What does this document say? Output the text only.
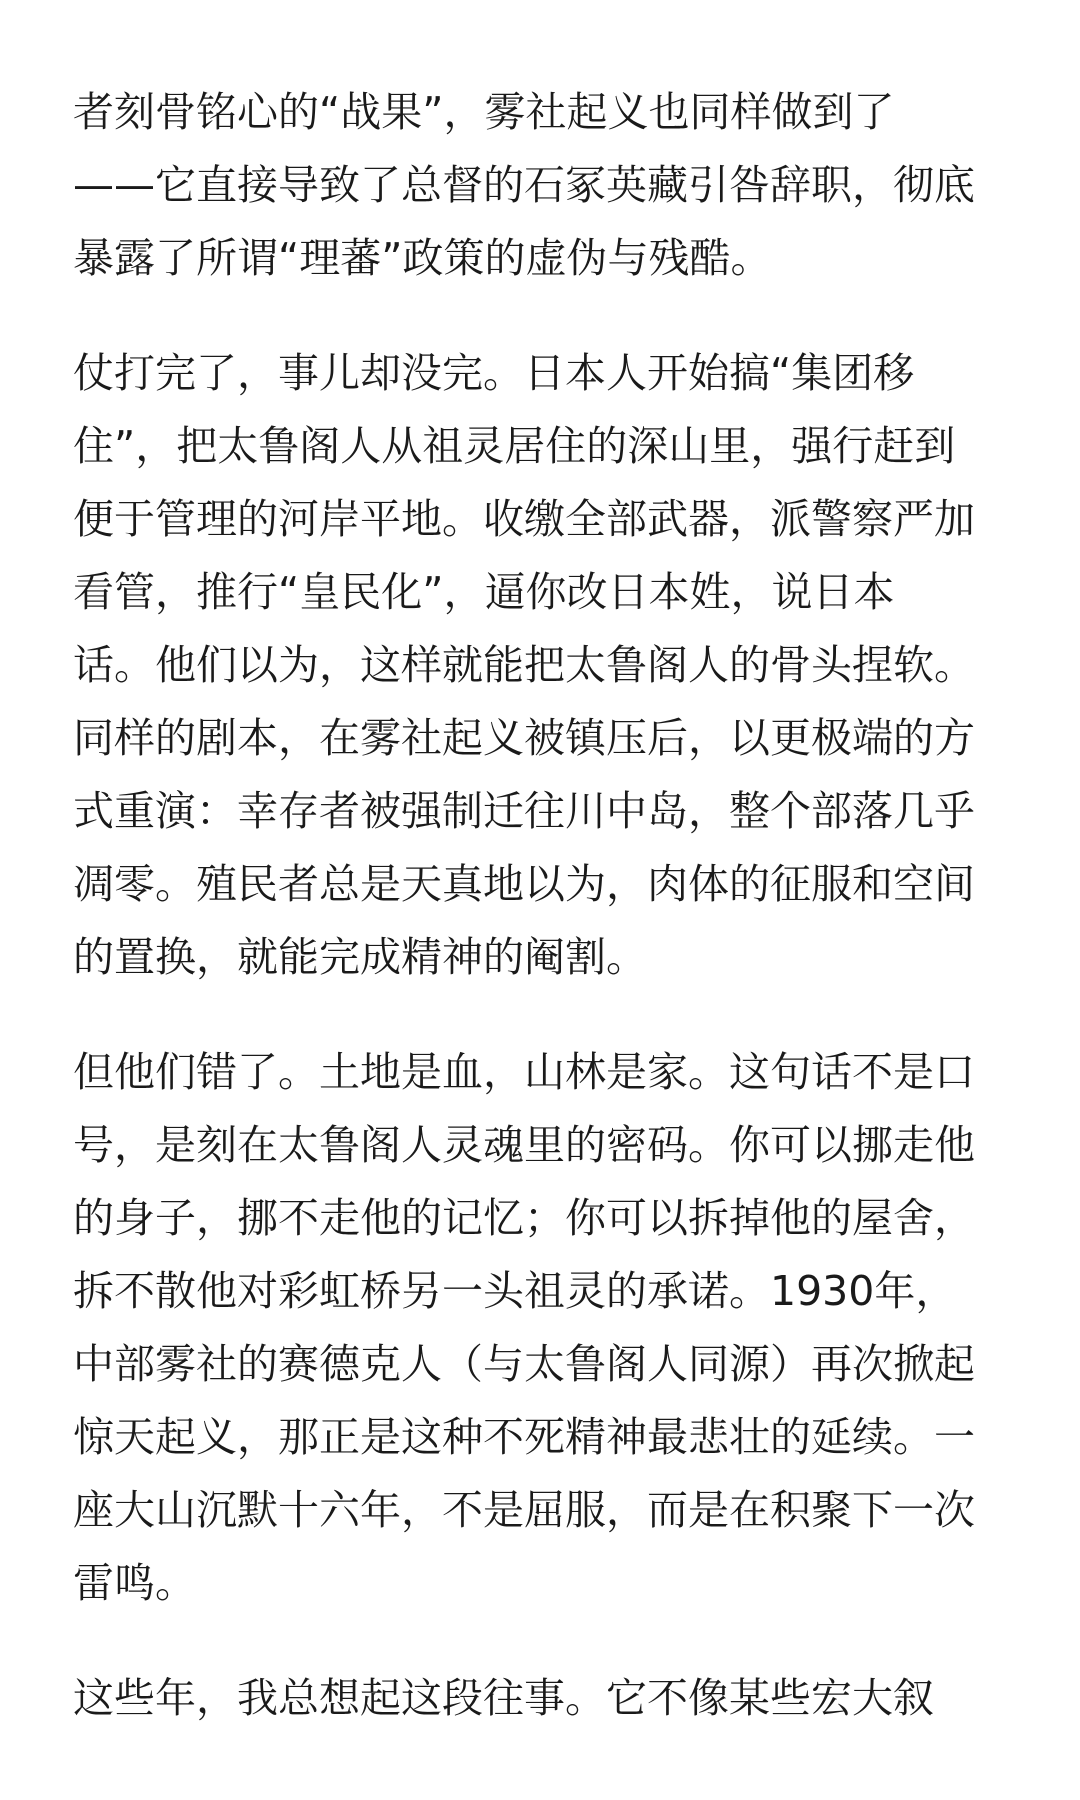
者刻骨铭心的“战果”，雾社起义也同样做到了
——它直接导致了总督的石冢英藏引咎辞职，彻底
暴露了所谓“理蕃”政策的虚伪与残酷。
仗打完了，事儿却没完。日本人开始搞“集团移
住”，把太鲁阁人从祖灵居住的深山里，强行赶到
便于管理的河岸平地。收缴全部武器，派警察严加
看管，推行“皇民化”，逼你改日本姓，说日本
话。他们以为，这样就能把太鲁阁人的骨头捏软。
同样的剧本，在雾社起义被镇压后，以更极端的方
式重演：幸存者被强制迁往川中岛，整个部落几乎
凋零。殖民者总是天真地以为，肉体的征服和空间
的置换，就能完成精神的阉割。
但他们错了。土地是血，山林是家。这句话不是口
号，是刻在太鲁阁人灵魂里的密码。你可以挪走他
的身子，挪不走他的记忆；你可以拆掉他的屋舍，
拆不散他对彩虹桥另一头祖灵的承诺。1930年，
中部雾社的赛德克人（与太鲁阁人同源）再次掀起
惊天起义，那正是这种不死精神最悲壮的延续。一
座大山沉默十六年，不是屈服，而是在积聚下一次
雷鸣。
这些年，我总想起这段往事。它不像某些宏大叙
